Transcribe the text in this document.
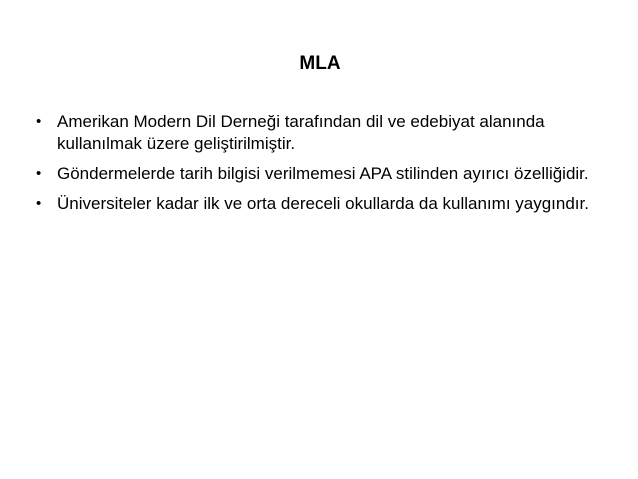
MLA
• Amerikan Modern Dil Derneği tarafından dil ve edebiyat alanında kullanılmak üzere geliştirilmiştir.
• Göndermelerde tarih bilgisi verilmemesi APA stilinden ayırıcı özelliğidir.
• Üniversiteler kadar ilk ve orta dereceli okullarda da kullanımı yaygındır.
